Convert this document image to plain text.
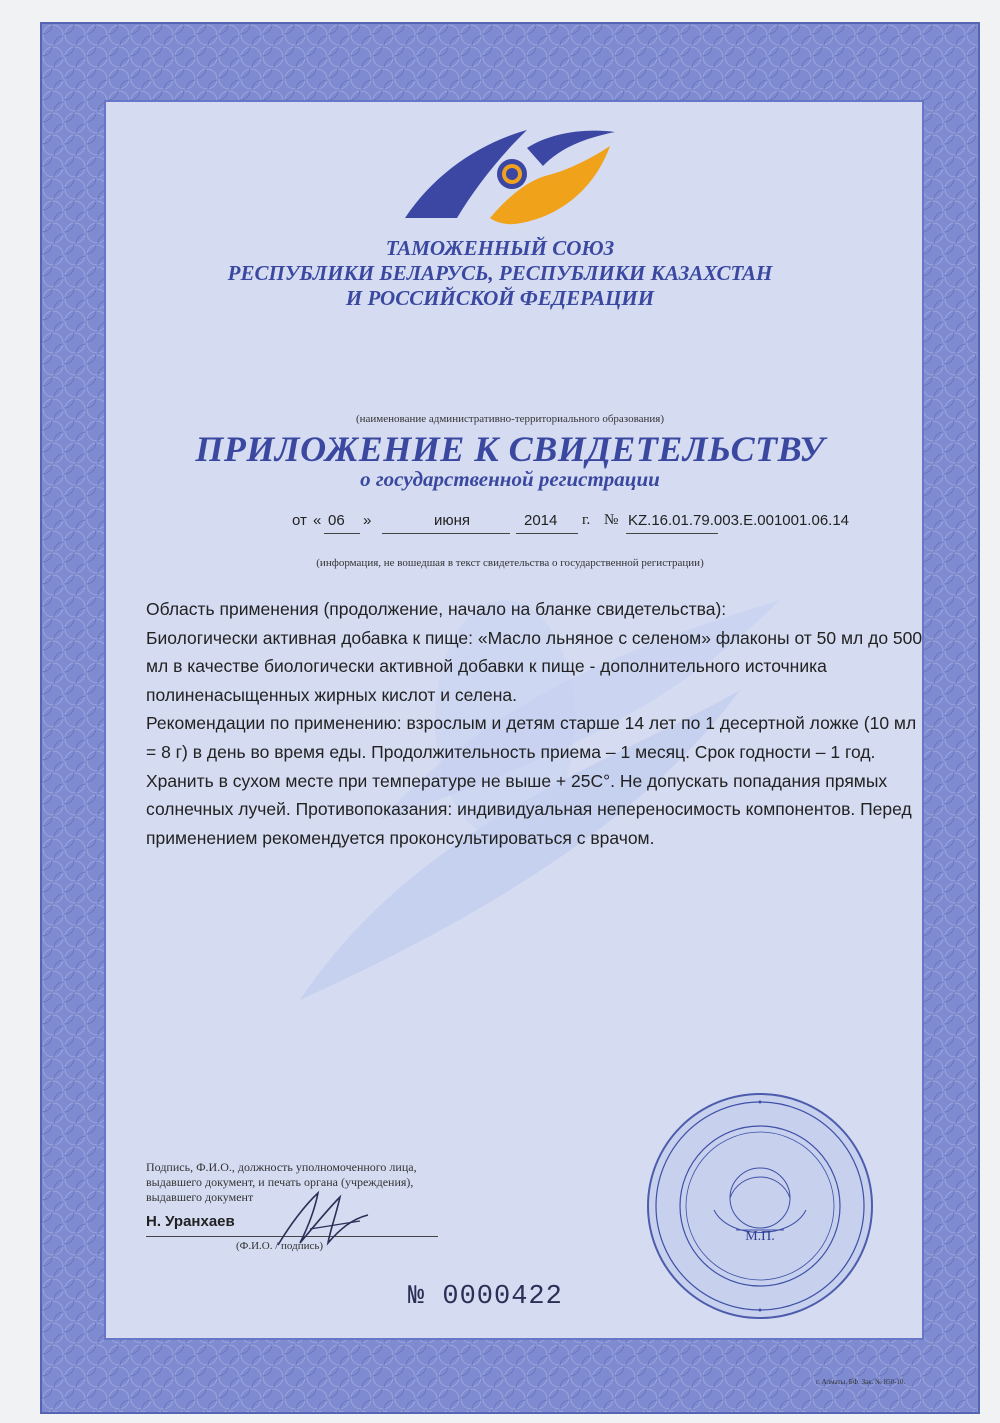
ТАМОЖЕННЫЙ СОЮЗ
РЕСПУБЛИКИ БЕЛАРУСЬ, РЕСПУБЛИКИ КАЗАХСТАН
И РОССИЙСКОЙ ФЕДЕРАЦИИ
(наименование административно-территориального образования)
ПРИЛОЖЕНИЕ К СВИДЕТЕЛЬСТВУ
о государственной регистрации
от « 06 »	июня	2014 г. № KZ.16.01.79.003.E.001001.06.14
(информация, не вошедшая в текст свидетельства о государственной регистрации)

Область применения (продолжение, начало на бланке свидетельства):

Биологически активная добавка к пище: «Масло льняное с селеном» флаконы от 50 мл до 500 мл в качестве биологически активной добавки к пище - дополнительного источника полиненасыщенных жирных кислот и селена.

Рекомендации по применению: взрослым и детям старше 14 лет по 1 десертной ложке (10 мл = 8 г) в день во время еды. Продолжительность приема – 1 месяц. Срок годности – 1 год. Хранить в сухом месте при температуре не выше + 25С°. Не допускать попадания прямых солнечных лучей. Противопоказания: индивидуальная непереносимость компонентов. Перед применением рекомендуется проконсультироваться с врачом.

М.П.
Подпись, Ф.И.О., должность уполномоченного лица,
выдавшего документ, и печать органа (учреждения),
выдавшего документ
Н. Уранхаев
(Ф.И.О. / подпись)
№ 0000422
г. Алматы. БФ. Зак. № 850-10.
